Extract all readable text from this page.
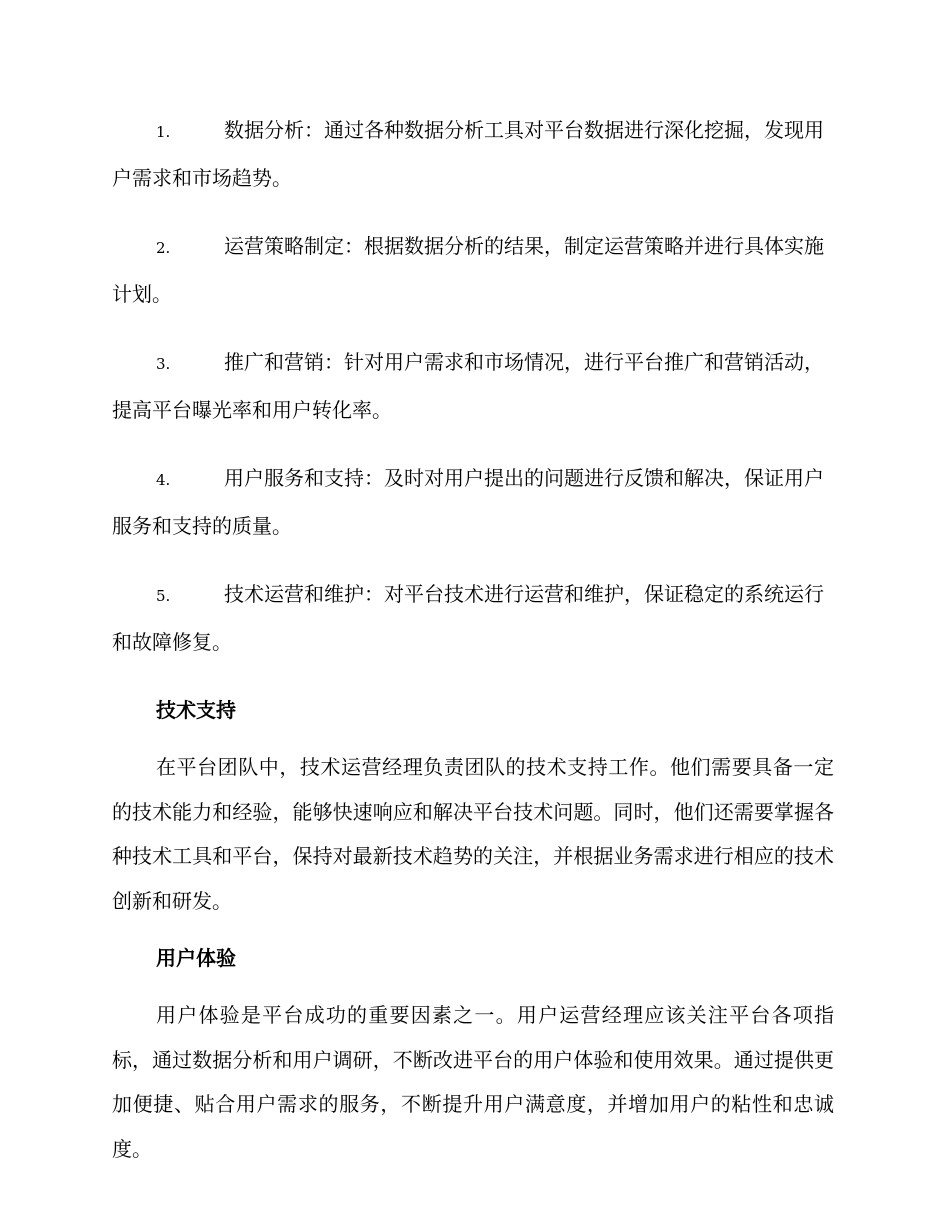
1.	数据分析：通过各种数据分析工具对平台数据进行深化挖掘，发现用户需求和市场趋势。

2.	运营策略制定：根据数据分析的结果，制定运营策略并进行具体实施计划。

3.	推广和营销：针对用户需求和市场情况，进行平台推广和营销活动，提高平台曝光率和用户转化率。

4.	用户服务和支持：及时对用户提出的问题进行反馈和解决，保证用户服务和支持的质量。

5.	技术运营和维护：对平台技术进行运营和维护，保证稳定的系统运行和故障修复。

技术支持

在平台团队中，技术运营经理负责团队的技术支持工作。他们需要具备一定的技术能力和经验，能够快速响应和解决平台技术问题。同时，他们还需要掌握各种技术工具和平台，保持对最新技术趋势的关注，并根据业务需求进行相应的技术创新和研发。

用户体验

用户体验是平台成功的重要因素之一。用户运营经理应该关注平台各项指标，通过数据分析和用户调研，不断改进平台的用户体验和使用效果。通过提供更加便捷、贴合用户需求的服务，不断提升用户满意度，并增加用户的粘性和忠诚度。
